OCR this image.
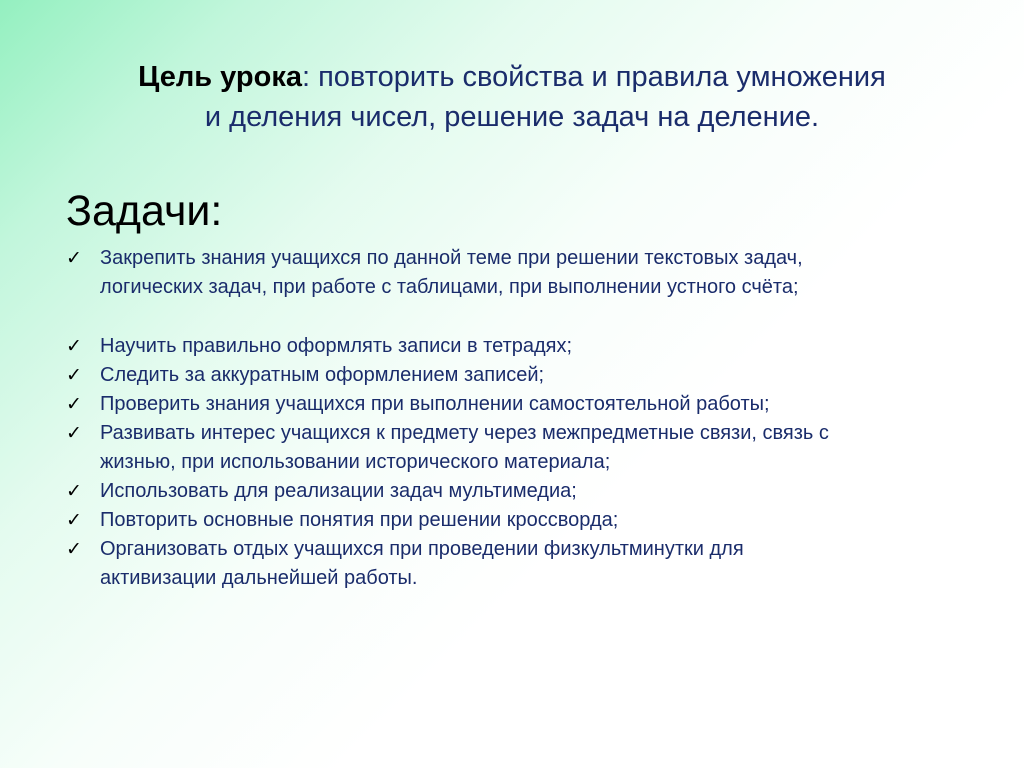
Цель урока: повторить свойства и правила умножения
и деления чисел, решение задач на деление.
Задачи:
✓ Закрепить знания учащихся по данной теме при решении текстовых задач,
логических задач, при работе с таблицами, при выполнении устного счёта;
✓ Научить правильно оформлять записи в тетрадях;
✓ Следить за аккуратным оформлением записей;
✓ Проверить знания учащихся при выполнении самостоятельной работы;
✓ Развивать интерес учащихся к предмету через межпредметные связи, связь с
жизнью, при использовании исторического материала;
✓ Использовать для реализации задач мультимедиа;
✓ Повторить основные понятия при решении кроссворда;
✓ Организовать отдых учащихся при проведении физкультминутки для
активизации дальнейшей работы.
